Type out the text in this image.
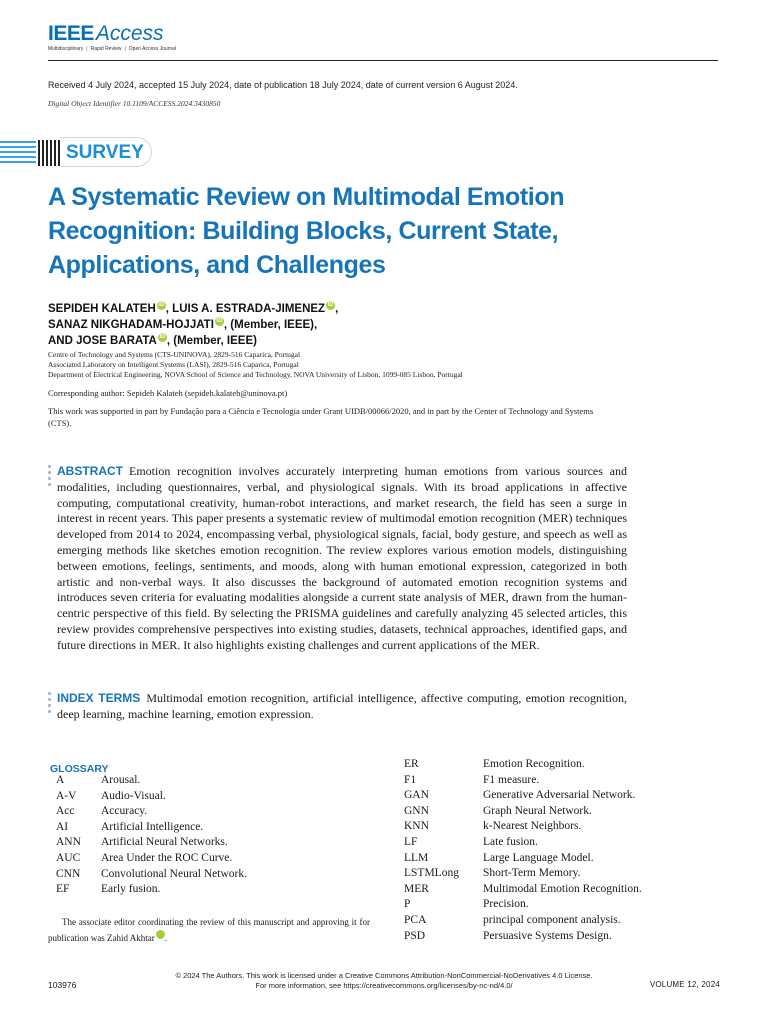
IEEEAccess
Multidisciplinary | Rapid Review | Open Access Journal
Received 4 July 2024, accepted 15 July 2024, date of publication 18 July 2024, date of current version 6 August 2024.
Digital Object Identifier 10.1109/ACCESS.2024.3430850
SURVEY
A Systematic Review on Multimodal Emotion Recognition: Building Blocks, Current State, Applications, and Challenges
SEPIDEH KALATEH iD , LUIS A. ESTRADA-JIMENEZ iD ,
SANAZ NIKGHADAM-HOJJATI iD , (Member, IEEE),
AND JOSE BARATA iD , (Member, IEEE)
Centre of Technology and Systems (CTS-UNINOVA), 2829-516 Caparica, Portugal
Associated Laboratory on Intelligent Systems (LASI), 2829-516 Caparica, Portugal
Department of Electrical Engineering, NOVA School of Science and Technology, NOVA University of Lisbon, 1099-085 Lisbon, Portugal
Corresponding author: Sepideh Kalateh (sepideh.kalateh@uninova.pt)
This work was supported in part by Fundação para a Ciência e Tecnologia under Grant UIDB/00066/2020, and in part by the Center of Technology and Systems (CTS).
ABSTRACT Emotion recognition involves accurately interpreting human emotions from various sources and modalities, including questionnaires, verbal, and physiological signals. With its broad applications in affective computing, computational creativity, human-robot interactions, and market research, the field has seen a surge in interest in recent years. This paper presents a systematic review of multimodal emotion recognition (MER) techniques developed from 2014 to 2024, encompassing verbal, physiological signals, facial, body gesture, and speech as well as emerging methods like sketches emotion recognition. The review explores various emotion models, distinguishing between emotions, feelings, sentiments, and moods, along with human emotional expression, categorized in both artistic and non-verbal ways. It also discusses the background of automated emotion recognition systems and introduces seven criteria for evaluating modalities alongside a current state analysis of MER, drawn from the human-centric perspective of this field. By selecting the PRISMA guidelines and carefully analyzing 45 selected articles, this review provides comprehensive perspectives into existing studies, datasets, technical approaches, identified gaps, and future directions in MER. It also highlights existing challenges and current applications of the MER.
INDEX TERMS Multimodal emotion recognition, artificial intelligence, affective computing, emotion recognition, deep learning, machine learning, emotion expression.
GLOSSARY
A	Arousal.
A-V	Audio-Visual.
Acc	Accuracy.
AI	Artificial Intelligence.
ANN	Artificial Neural Networks.
AUC	Area Under the ROC Curve.
CNN	Convolutional Neural Network.
EF	Early fusion.
ER	Emotion Recognition.
F1	F1 measure.
GAN	Generative Adversarial Network.
GNN	Graph Neural Network.
KNN	k-Nearest Neighbors.
LF	Late fusion.
LLM	Large Language Model.
LSTMLong	Short-Term Memory.
MER	Multimodal Emotion Recognition.
P	Precision.
PCA	principal component analysis.
PSD	Persuasive Systems Design.
The associate editor coordinating the review of this manuscript and approving it for publication was Zahid Akhtar	iD.
© 2024 The Authors. This work is licensed under a Creative Commons Attribution-NonCommercial-NoDerivatives 4.0 License.
For more information, see https://creativecommons.org/licenses/by-nc-nd/4.0/
103976	VOLUME 12, 2024
